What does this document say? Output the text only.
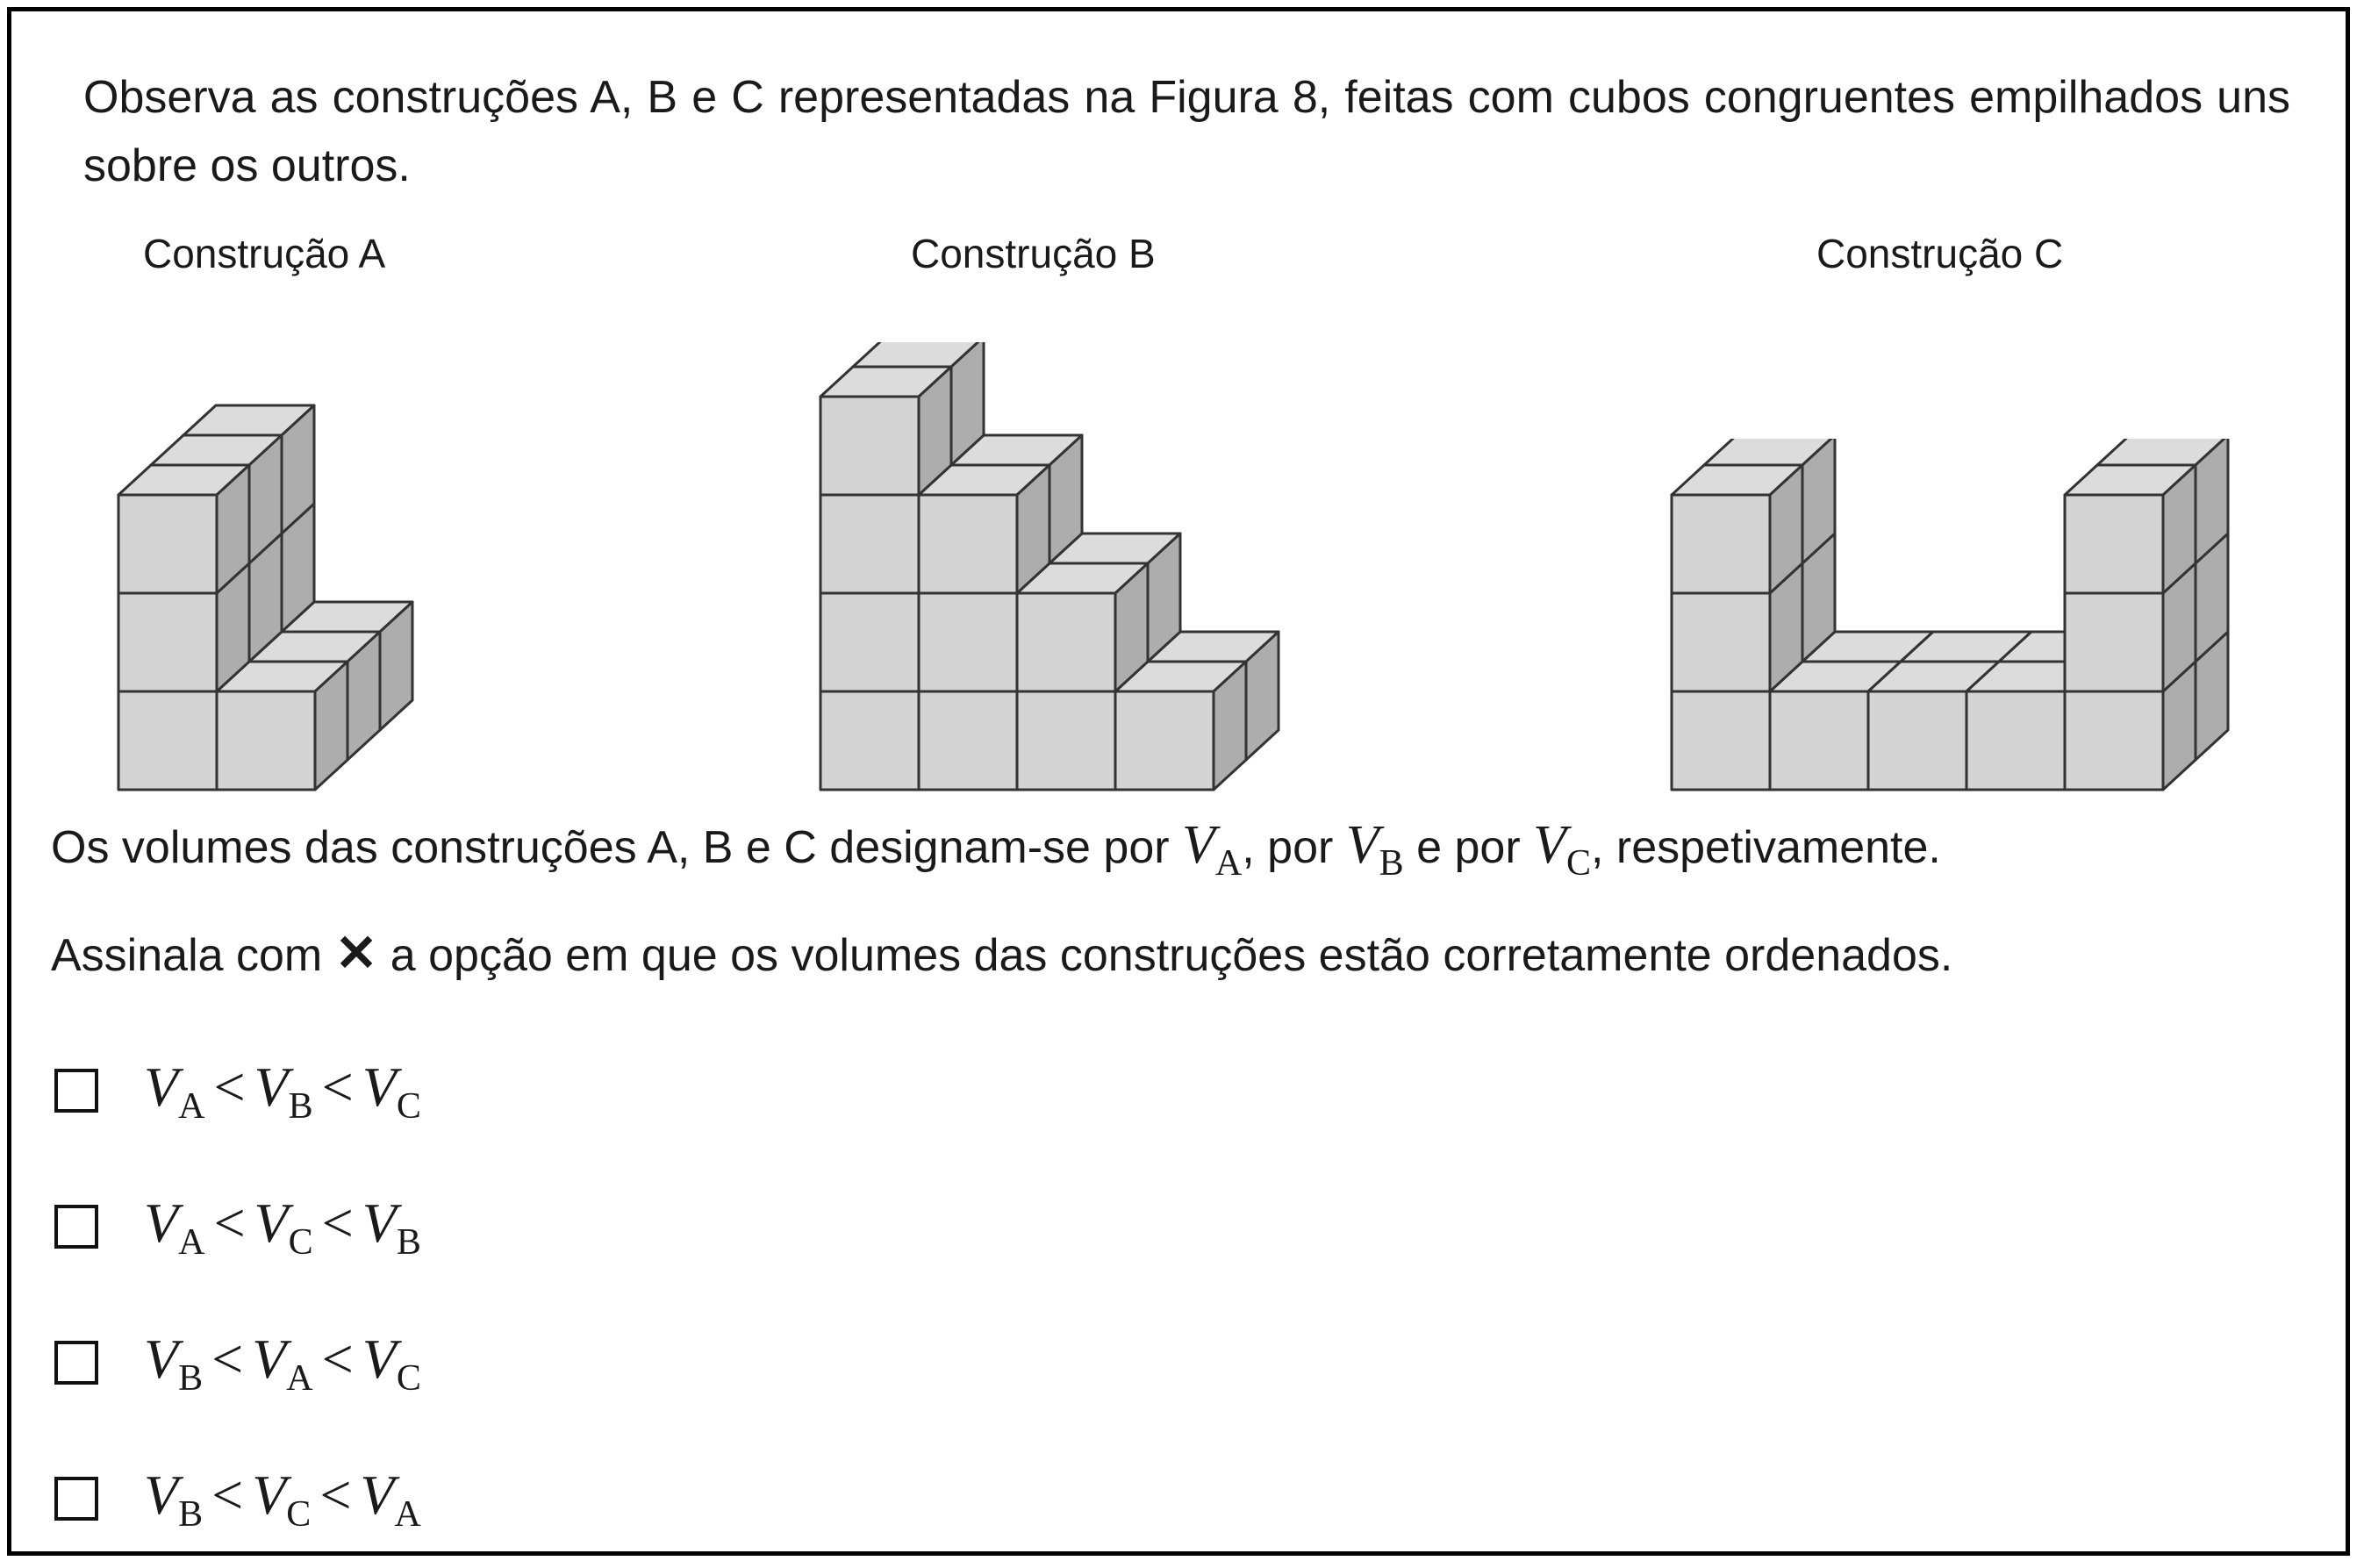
Observa as construções A, B e C representadas na Figura 8, feitas com cubos congruentes empilhados uns sobre os outros.

Construção A	Construção B	Construção C
Os volumes das construções A, B e C designam-se por $V_A$, por $V_B$ e por $V_C$, respetivamente.
Assinala com ✕ a opção em que os volumes das construções estão corretamente ordenados.
$V_A < V_B < V_C$
$V_A < V_C < V_B$
$V_B < V_A < V_C$
$V_B < V_C < V_A$
